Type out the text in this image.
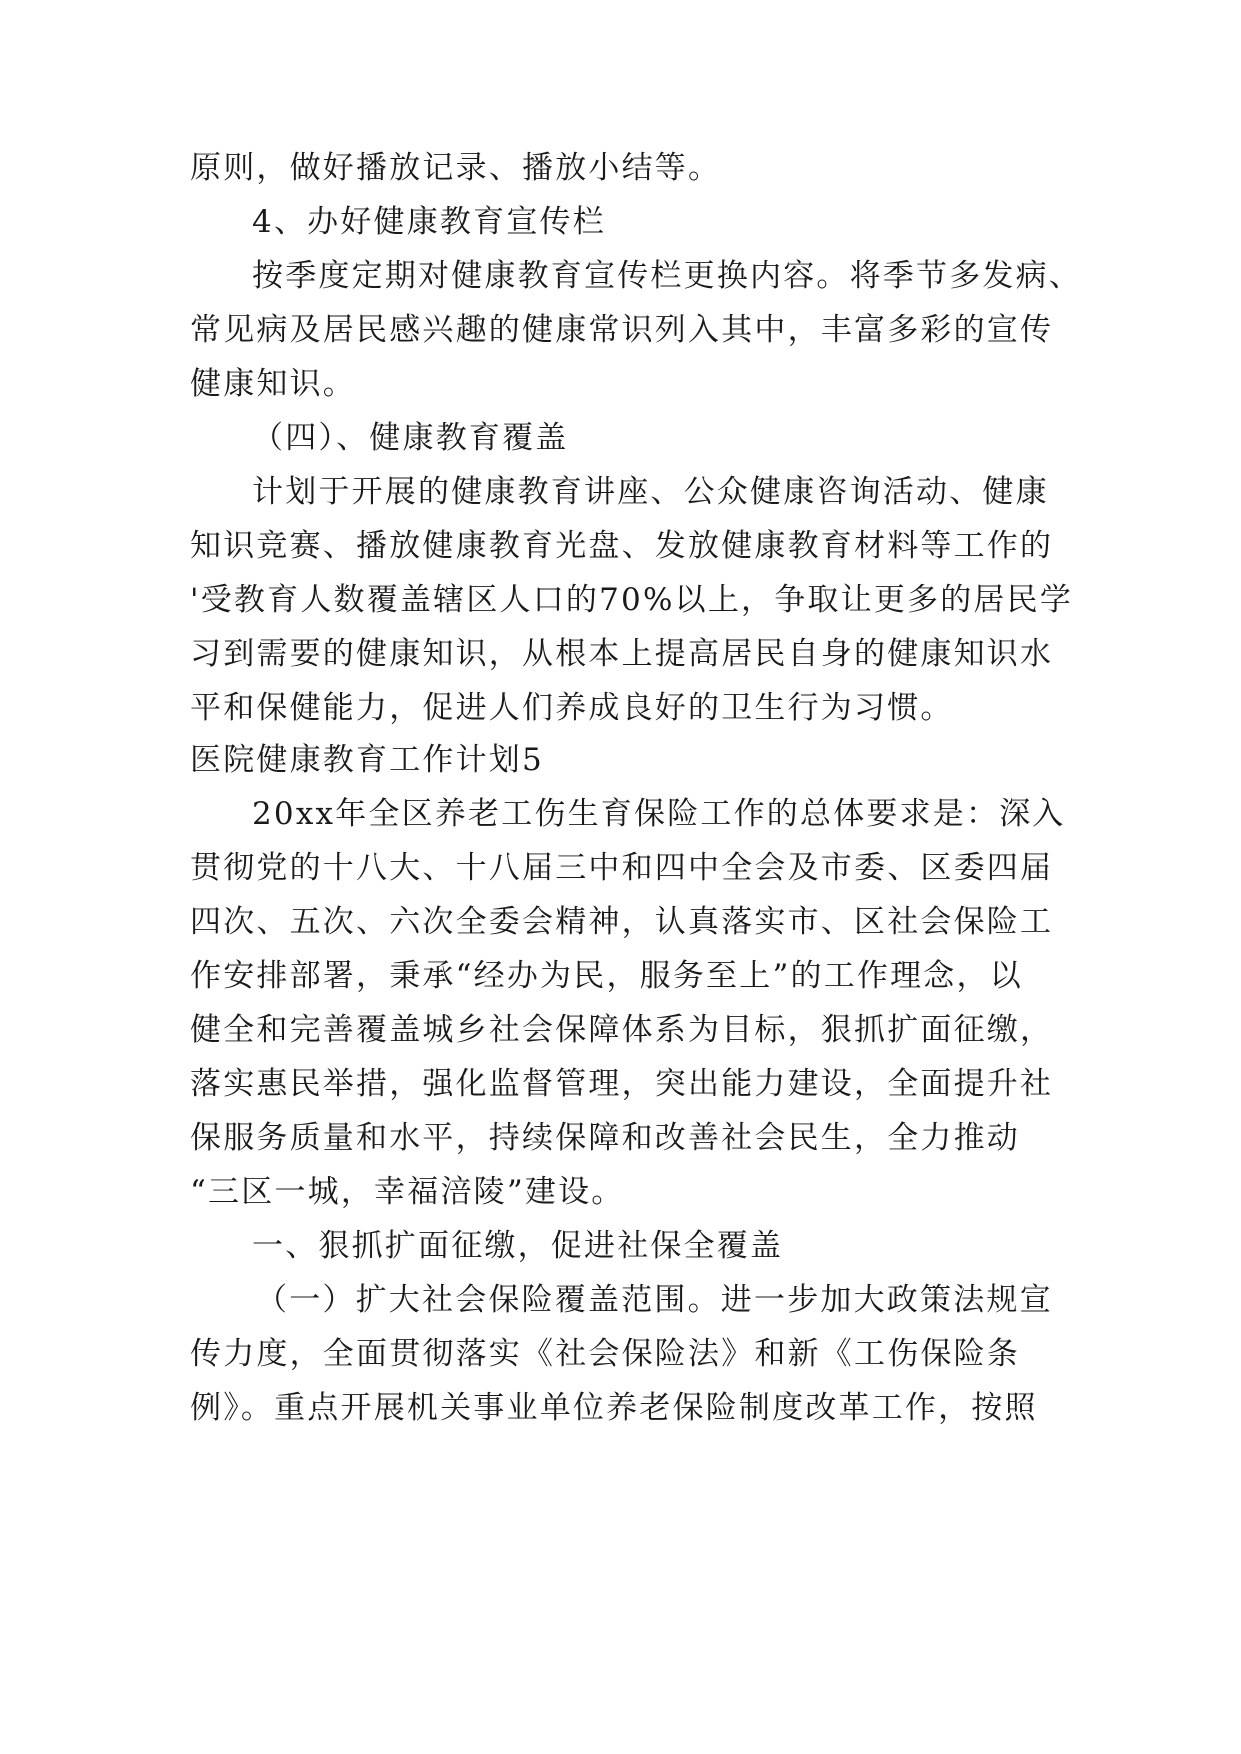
原则，做好播放记录、播放小结等。
4、办好健康教育宣传栏
按季度定期对健康教育宣传栏更换内容。将季节多发病、
常见病及居民感兴趣的健康常识列入其中，丰富多彩的宣传
健康知识。
（四）、健康教育覆盖
计划于开展的健康教育讲座、公众健康咨询活动、健康
知识竞赛、播放健康教育光盘、发放健康教育材料等工作的
'受教育人数覆盖辖区人口的70%以上，争取让更多的居民学
习到需要的健康知识，从根本上提高居民自身的健康知识水
平和保健能力，促进人们养成良好的卫生行为习惯。
医院健康教育工作计划5
20xx年全区养老工伤生育保险工作的总体要求是：深入
贯彻党的十八大、十八届三中和四中全会及市委、区委四届
四次、五次、六次全委会精神，认真落实市、区社会保险工
作安排部署，秉承“经办为民，服务至上”的工作理念，以
健全和完善覆盖城乡社会保障体系为目标，狠抓扩面征缴，
落实惠民举措，强化监督管理，突出能力建设，全面提升社
保服务质量和水平，持续保障和改善社会民生，全力推动
“三区一城，幸福涪陵”建设。
一、狠抓扩面征缴，促进社保全覆盖
（一）扩大社会保险覆盖范围。进一步加大政策法规宣
传力度，全面贯彻落实《社会保险法》和新《工伤保险条
例》。重点开展机关事业单位养老保险制度改革工作，按照
